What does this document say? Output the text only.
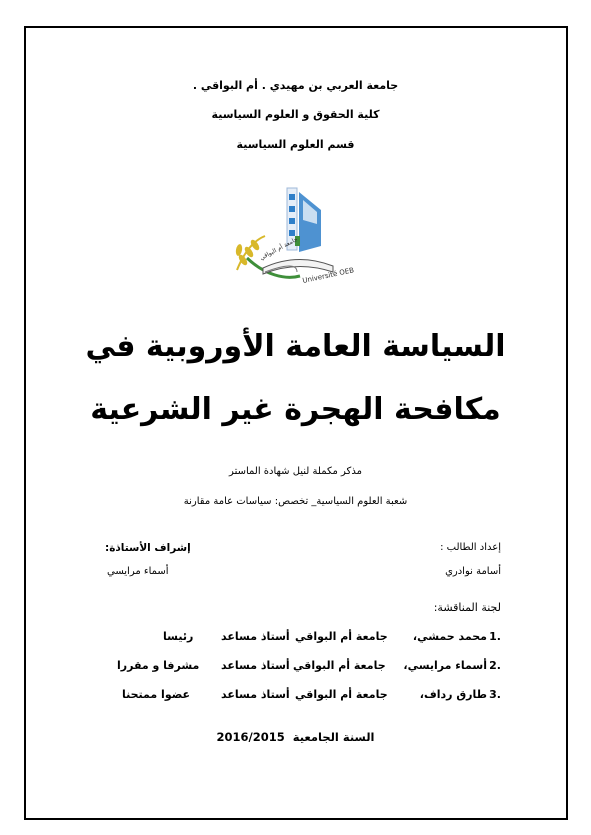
جامعة العربي بن مهيدي . أم البواقي .
كلية الحقوق و العلوم السياسية
قسم العلوم السياسية
جامعة أم البواقي
Université OEB
السياسة العامة الأوروبية في
مكافحة الهجرة غير الشرعية
مذكر مكملة لنيل شهادة الماستر
شعبة العلوم السياسية_ تخصص: سياسات عامة مقارنة
إعداد الطالب :
أسامة نوادري
إشراف الأستاذة:
أسماء مرايسي
لجنة المناقشة:
1.
محمد حمشي،
جامعة أم البواقي
أستاذ مساعد
رئيسا
2.
أسماء مرايسي،
جامعة أم البواقي
أستاذ مساعد
مشرفا و مقررا
3.
طارق رداف،
جامعة أم البواقي
أستاذ مساعد
عضوا ممتحنا
2016/2015 السنة الجامعية
